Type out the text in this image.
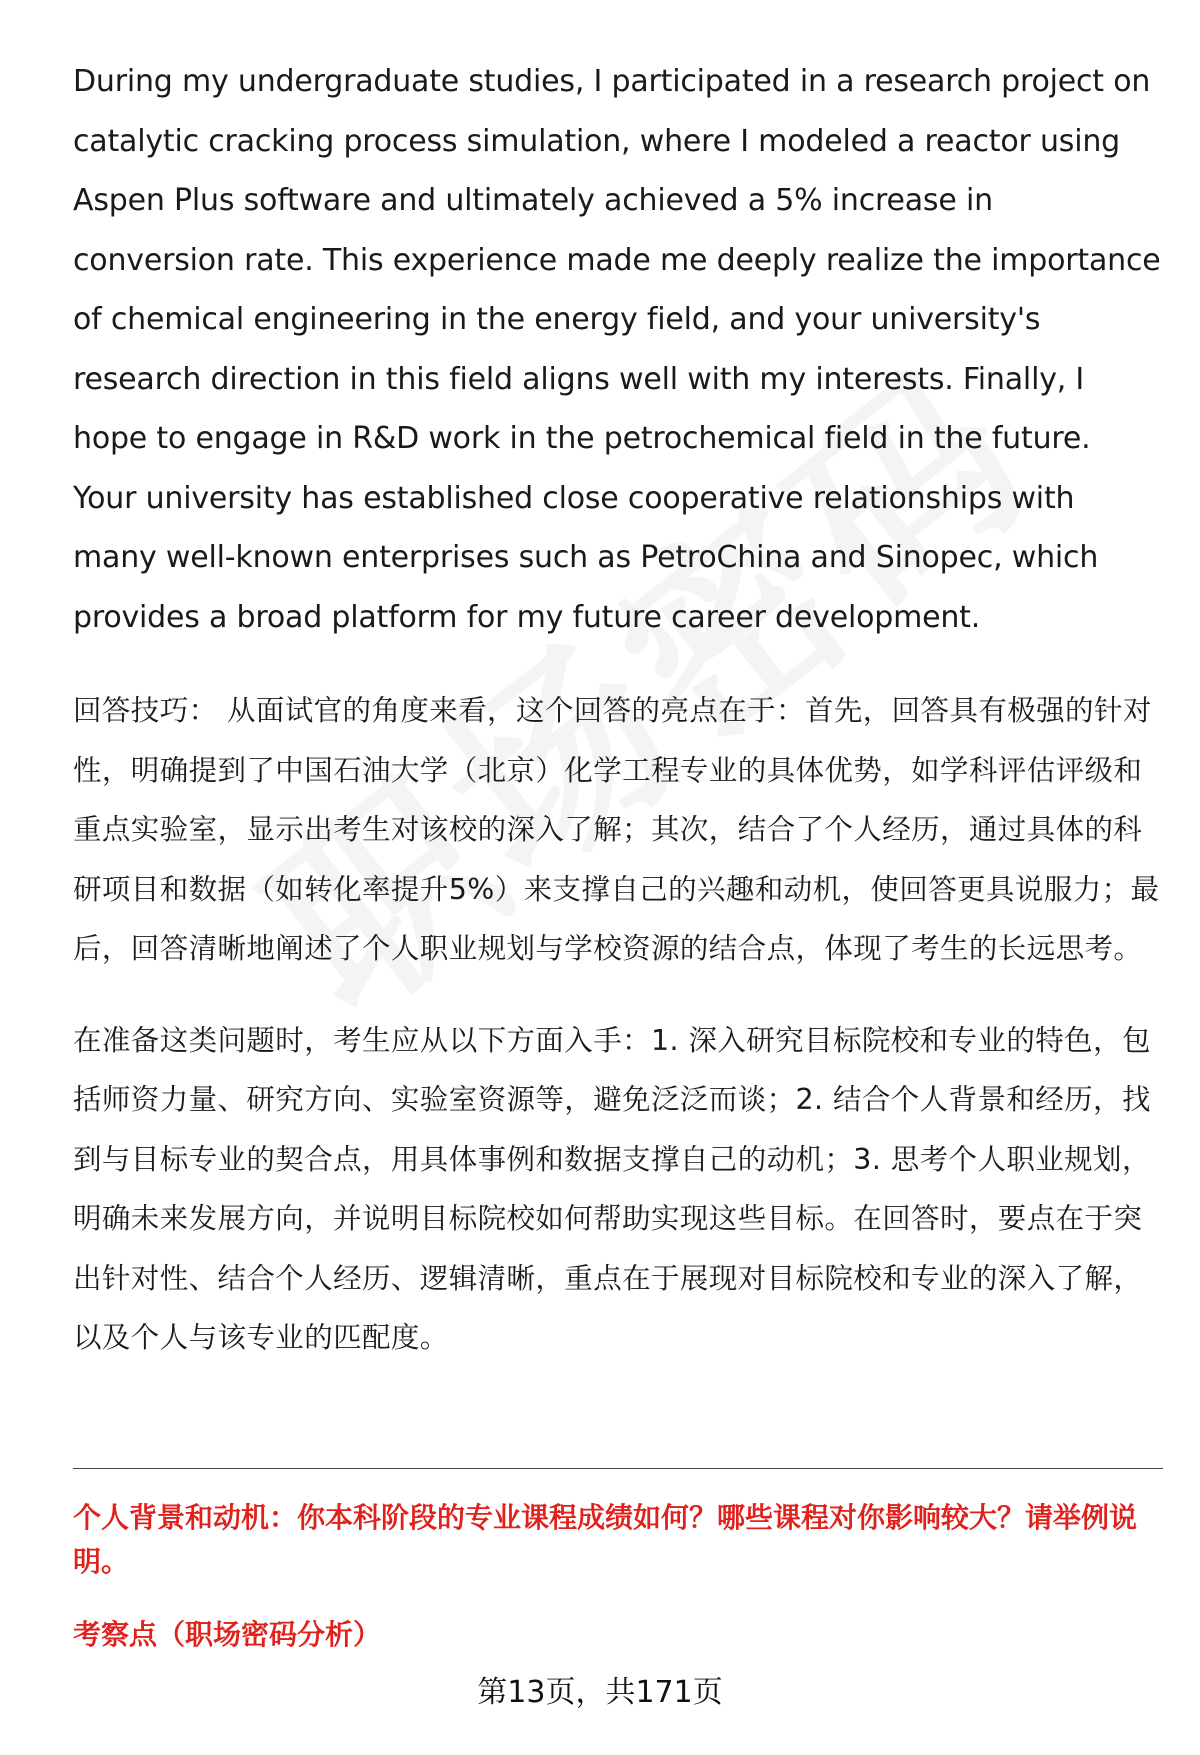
During my undergraduate studies, I participated in a research project on catalytic cracking process simulation, where I modeled a reactor using Aspen Plus software and ultimately achieved a 5% increase in conversion rate. This experience made me deeply realize the importance of chemical engineering in the energy field, and your university's research direction in this field aligns well with my interests. Finally, I hope to engage in R&D work in the petrochemical field in the future. Your university has established close cooperative relationships with many well-known enterprises such as PetroChina and Sinopec, which provides a broad platform for my future career development.

回答技巧： 从面试官的角度来看，这个回答的亮点在于：首先，回答具有极强的针对性，明确提到了中国石油大学（北京）化学工程专业的具体优势，如学科评估评级和重点实验室，显示出考生对该校的深入了解；其次，结合了个人经历，通过具体的科研项目和数据（如转化率提升5%）来支撑自己的兴趣和动机，使回答更具说服力；最后，回答清晰地阐述了个人职业规划与学校资源的结合点，体现了考生的长远思考。

在准备这类问题时，考生应从以下方面入手：1. 深入研究目标院校和专业的特色，包括师资力量、研究方向、实验室资源等，避免泛泛而谈；2. 结合个人背景和经历，找到与目标专业的契合点，用具体事例和数据支撑自己的动机；3. 思考个人职业规划，明确未来发展方向，并说明目标院校如何帮助实现这些目标。在回答时，要点在于突出针对性、结合个人经历、逻辑清晰，重点在于展现对目标院校和专业的深入了解，以及个人与该专业的匹配度。

个人背景和动机：你本科阶段的专业课程成绩如何？哪些课程对你影响较大？请举例说明。

考察点（职场密码分析）

第13页，共171页
